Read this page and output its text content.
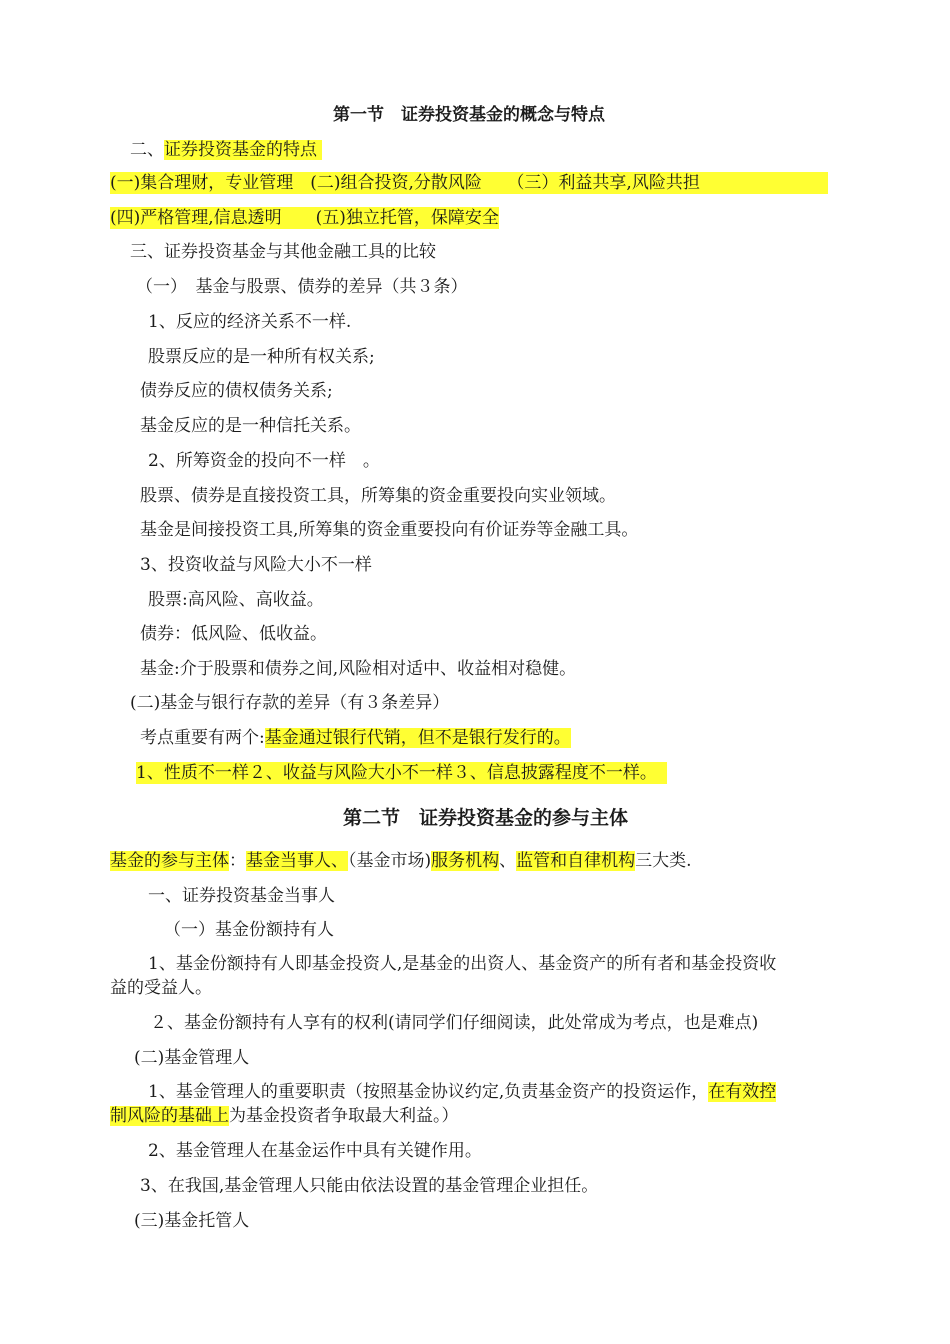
第一节　证券投资基金的概念与特点
二、证券投资基金的特点
(一)集合理财，专业管理　(二)组合投资,分散风险　　（三）利益共享,风险共担
(四)严格管理,信息透明　　(五)独立托管，保障安全
三、证券投资基金与其他金融工具的比较
（一）　基金与股票、债券的差异（共３条）
1、反应的经济关系不一样.
股票反应的是一种所有权关系;
债券反应的债权债务关系;
基金反应的是一种信托关系。
2、所筹资金的投向不一样　。
股票、债券是直接投资工具，所筹集的资金重要投向实业领域。
基金是间接投资工具,所筹集的资金重要投向有价证券等金融工具。
3、投资收益与风险大小不一样
股票:高风险、高收益。
债券：低风险、低收益。
基金:介于股票和债券之间,风险相对适中、收益相对稳健。
(二)基金与银行存款的差异（有３条差异）
考点重要有两个:基金通过银行代销，但不是银行发行的。
1、性质不一样２、收益与风险大小不一样３、信息披露程度不一样。
第二节　证券投资基金的参与主体
基金的参与主体：基金当事人、（基金市场)服务机构、监管和自律机构三大类.
一、证券投资基金当事人
（一）基金份额持有人
1、基金份额持有人即基金投资人,是基金的出资人、基金资产的所有者和基金投资收
益的受益人。
２、基金份额持有人享有的权利(请同学们仔细阅读，此处常成为考点，也是难点)
(二)基金管理人
1、基金管理人的重要职责（按照基金协议约定,负责基金资产的投资运作，在有效控
制风险的基础上为基金投资者争取最大利益。）
2、基金管理人在基金运作中具有关键作用。
3、在我国,基金管理人只能由依法设置的基金管理企业担任。
(三)基金托管人
